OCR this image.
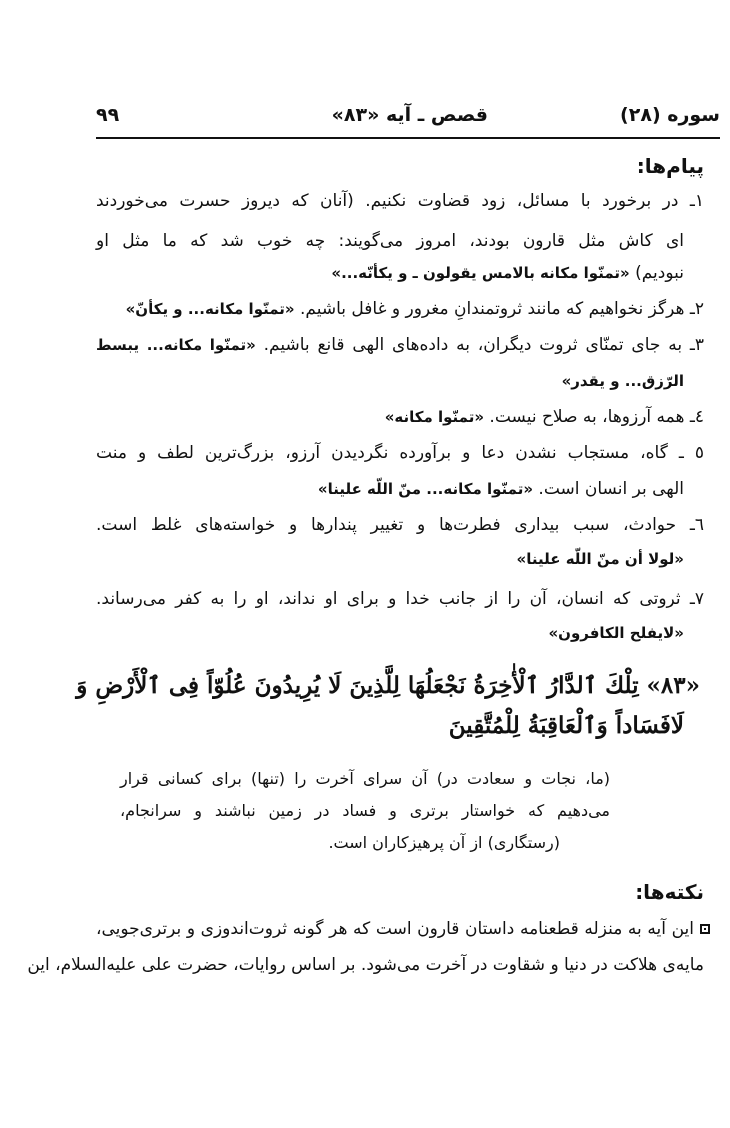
سوره (۲۸)
قصص ـ آیه «۸۳»
۹۹
پیام‌ها:
۱ـ در برخورد با مسائل، زود قضاوت نکنیم. (آنان که دیروز حسرت می‌خوردند
ای کاش مثل قارون بودند، امروز می‌گویند: چه خوب شد که ما مثل او
نبودیم) «تمنّوا مکانه بالامس یقولون ـ و یکأنّه...»
۲ـ هرگز نخواهیم که مانند ثروتمندانِ مغرور و غافل باشیم. «تمنّوا مکانه... و یکأنّ»
۳ـ به جای تمنّای ثروت دیگران، به داده‌های الهی قانع باشیم. «تمنّوا مکانه... یبسط
الرّزق... و یقدر»
٤ـ همه آرزوها، به صلاح نیست. «تمنّوا مکانه»
٥ ـ گاه، مستجاب نشدن دعا و برآورده نگردیدن آرزو، بزرگ‌ترین لطف و منت
الهی بر انسان است. «تمنّوا مکانه... منّ اللّه علینا»
٦ـ حوادث، سبب بیداری فطرت‌ها و تغییر پندارها و خواسته‌های غلط است.
«لولا أن منّ اللّه علینا»
۷ـ ثروتی که انسان، آن را از جانب خدا و برای او نداند، او را به کفر می‌رساند.
«لایفلح الکافرون»
«۸۳» تِلْكَ ٱلدَّارُ ٱلْأٰخِرَةُ نَجْعَلُهَا لِلَّذِينَ لَا يُرِيدُونَ عُلُوّاً فِى ٱلْأَرْضِ وَ
لَافَسَاداً وَٱلْعَاقِبَةُ لِلْمُتَّقِينَ
(ما، نجات و سعادت در) آن سرای آخرت را (تنها) برای کسانی قرار
می‌دهیم که خواستار برتری و فساد در زمین نباشند و سرانجام،
(رستگاری) از آن پرهیزکاران است.
نکته‌ها:
این آیه به منزله قطعنامه داستان قارون است که هر گونه ثروت‌اندوزی و برتری‌جویی،
مایه‌ی هلاکت در دنیا و شقاوت در آخرت می‌شود. بر اساس روایات، حضرت علی علیه‌السلام، این
